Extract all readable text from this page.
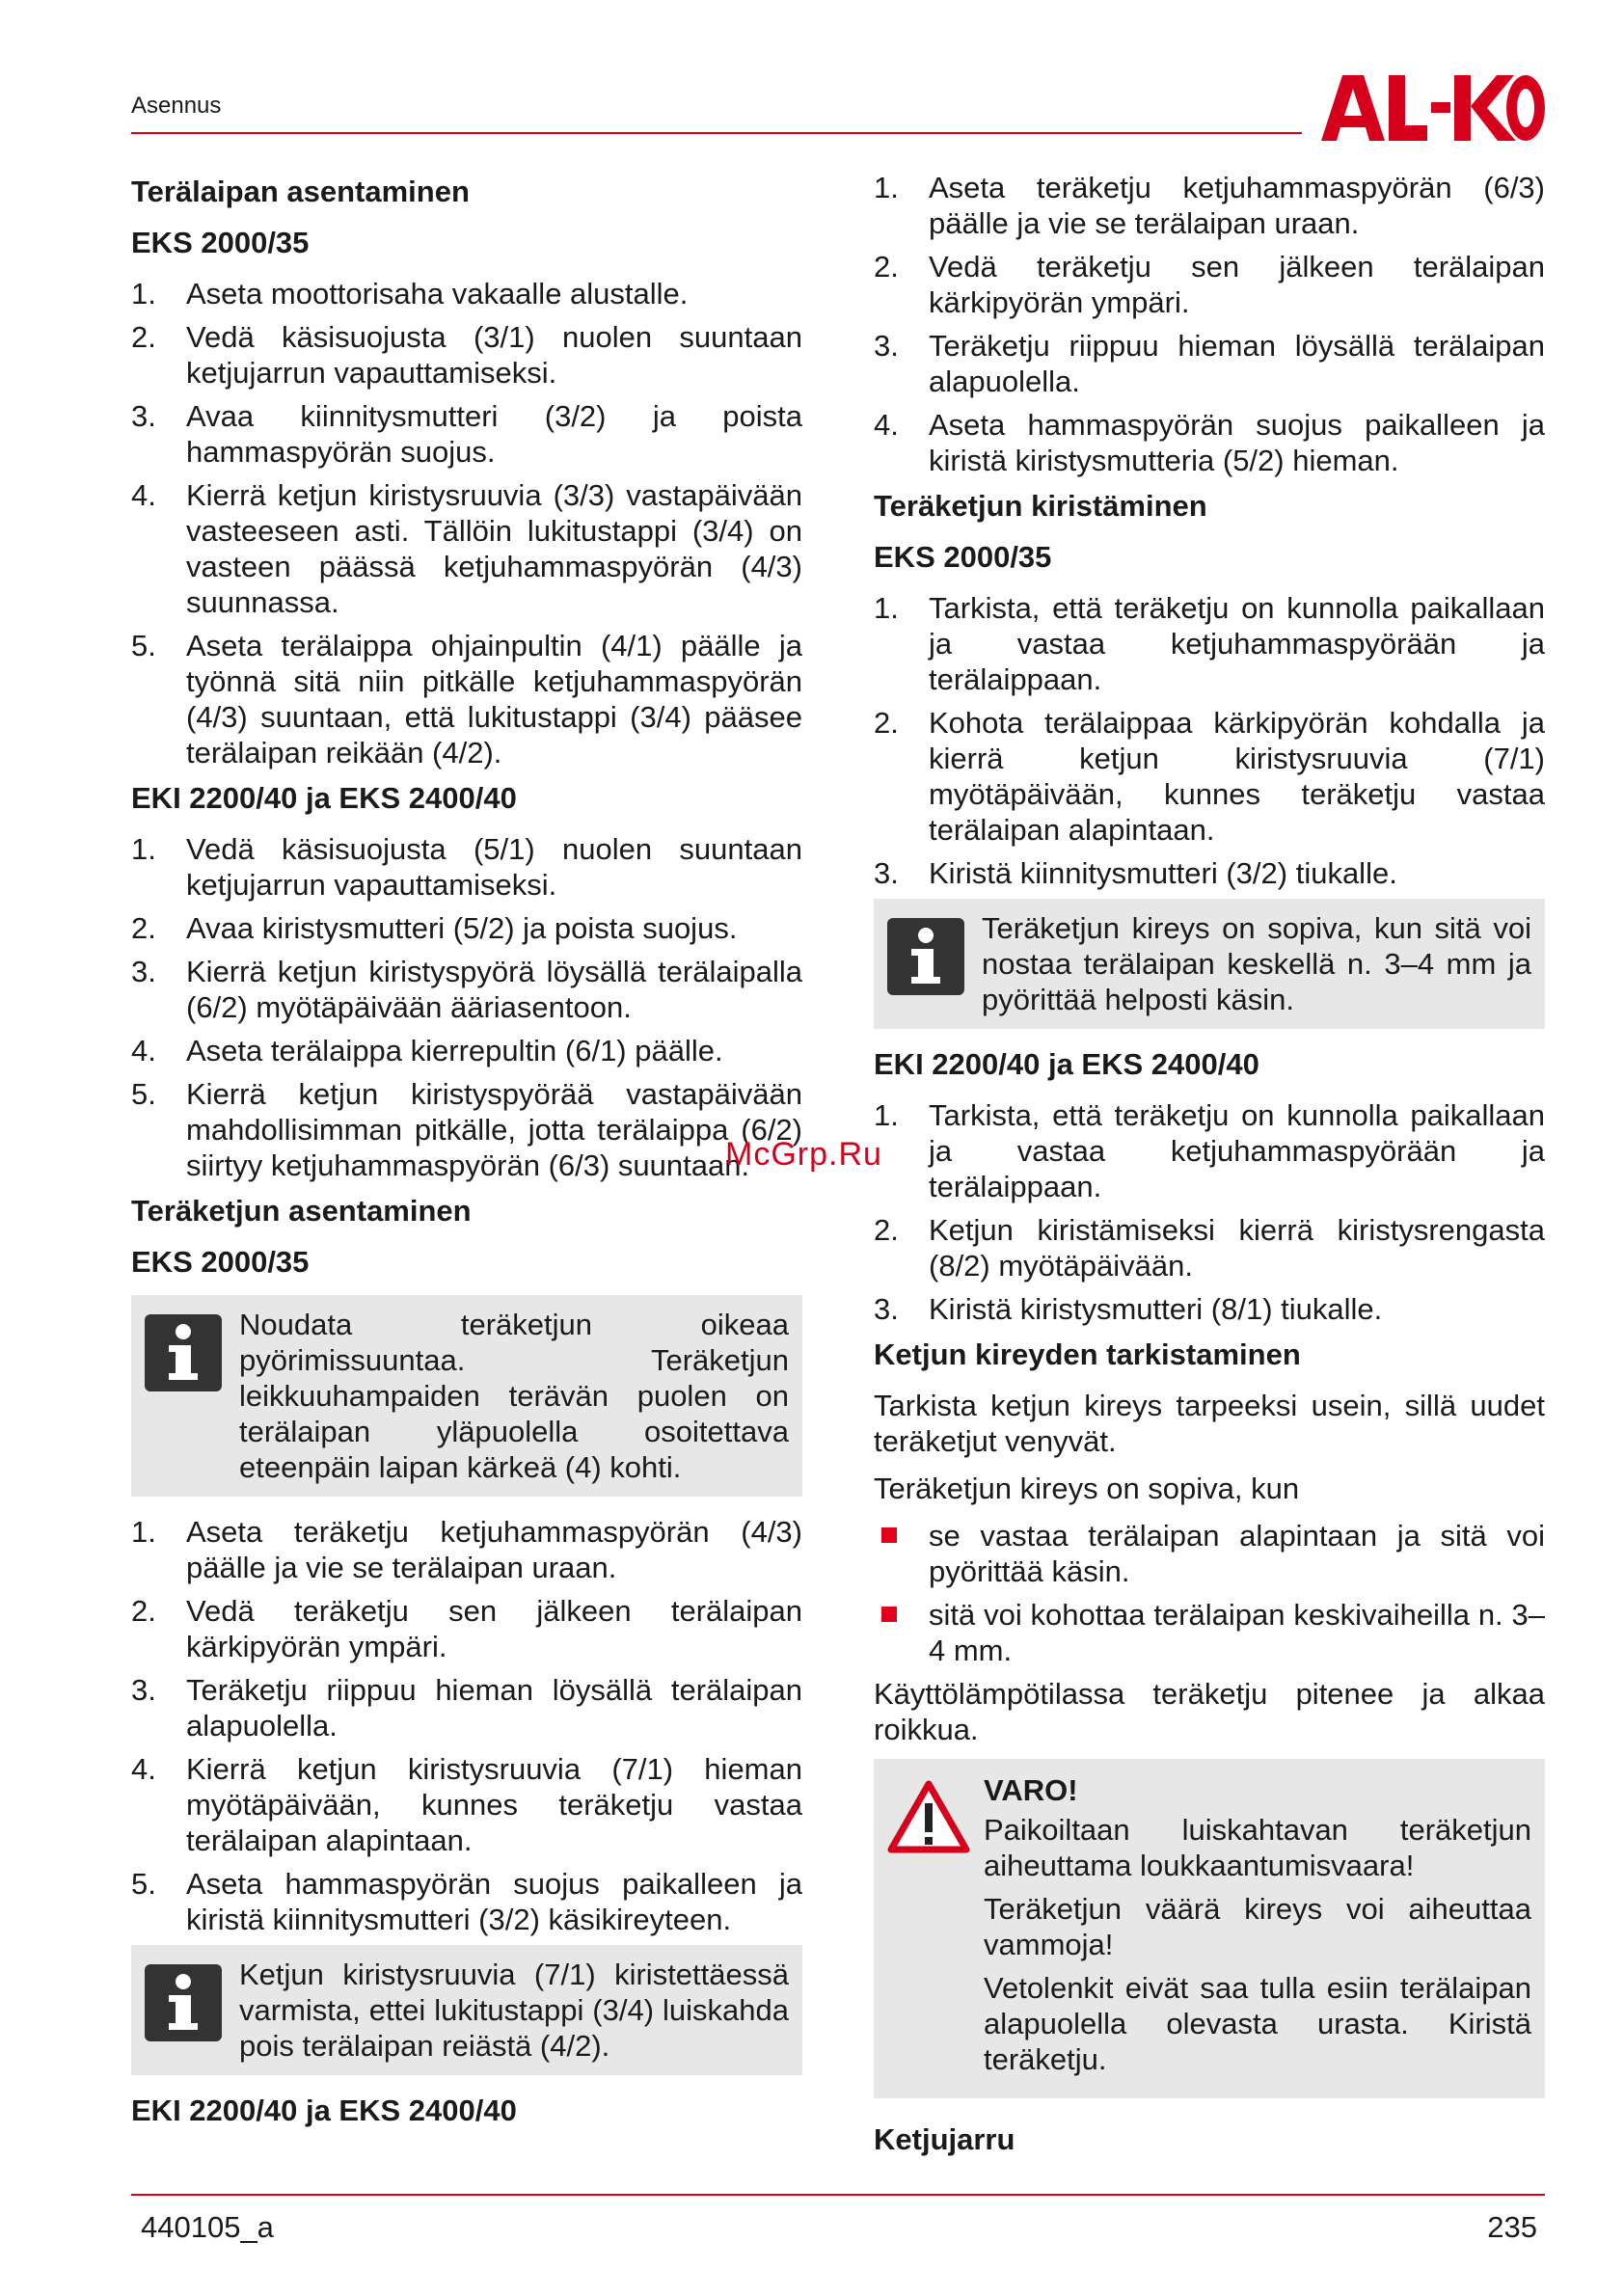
Asennus
Terälaipan asentaminen
EKS 2000/35
1.	Aseta moottorisaha vakaalle alustalle.
2.	Vedä käsisuojusta (3/1) nuolen suuntaan ketjujarrun vapauttamiseksi.
3.	Avaa kiinnitysmutteri (3/2) ja poista hammaspyörän suojus.
4.	Kierrä ketjun kiristysruuvia (3/3) vastapäivään vasteeseen asti. Tällöin lukitustappi (3/4) on vasteen päässä ketjuhammaspyörän (4/3) suunnassa.
5.	Aseta terälaippa ohjainpultin (4/1) päälle ja työnnä sitä niin pitkälle ketjuhammaspyörän (4/3) suuntaan, että lukitustappi (3/4) pääsee terälaipan reikään (4/2).
EKI 2200/40 ja EKS 2400/40
1.	Vedä käsisuojusta (5/1) nuolen suuntaan ketjujarrun vapauttamiseksi.
2.	Avaa kiristysmutteri (5/2) ja poista suojus.
3.	Kierrä ketjun kiristyspyörä löysällä terälaipalla (6/2) myötäpäivään ääriasentoon.
4.	Aseta terälaippa kierrepultin (6/1) päälle.
5.	Kierrä ketjun kiristyspyörää vastapäivään mahdollisimman pitkälle, jotta terälaippa (6/2) siirtyy ketjuhammaspyörän (6/3) suuntaan.
Teräketjun asentaminen
EKS 2000/35
Noudata teräketjun oikeaa pyörimissuuntaa. Teräketjun leikkuuhampaiden terävän puolen on terälaipan yläpuolella osoitettava eteenpäin laipan kärkeä (4) kohti.
1.	Aseta teräketju ketjuhammaspyörän (4/3) päälle ja vie se terälaipan uraan.
2.	Vedä teräketju sen jälkeen terälaipan kärkipyörän ympäri.
3.	Teräketju riippuu hieman löysällä terälaipan alapuolella.
4.	Kierrä ketjun kiristysruuvia (7/1) hieman myötäpäivään, kunnes teräketju vastaa terälaipan alapintaan.
5.	Aseta hammaspyörän suojus paikalleen ja kiristä kiinnitysmutteri (3/2) käsikireyteen.
Ketjun kiristysruuvia (7/1) kiristettäessä varmista, ettei lukitustappi (3/4) luiskahda pois terälaipan reiästä (4/2).
EKI 2200/40 ja EKS 2400/40
1.	Aseta teräketju ketjuhammaspyörän (6/3) päälle ja vie se terälaipan uraan.
2.	Vedä teräketju sen jälkeen terälaipan kärkipyörän ympäri.
3.	Teräketju riippuu hieman löysällä terälaipan alapuolella.
4.	Aseta hammaspyörän suojus paikalleen ja kiristä kiristysmutteria (5/2) hieman.
Teräketjun kiristäminen
EKS 2000/35
1.	Tarkista, että teräketju on kunnolla paikallaan ja vastaa ketjuhammaspyörään ja terälaippaan.
2.	Kohota terälaippaa kärkipyörän kohdalla ja kierrä ketjun kiristysruuvia (7/1) myötäpäivään, kunnes teräketju vastaa terälaipan alapintaan.
3.	Kiristä kiinnitysmutteri (3/2) tiukalle.
Teräketjun kireys on sopiva, kun sitä voi nostaa terälaipan keskellä n. 3–4 mm ja pyörittää helposti käsin.
EKI 2200/40 ja EKS 2400/40
1.	Tarkista, että teräketju on kunnolla paikallaan ja vastaa ketjuhammaspyörään ja terälaippaan.
2.	Ketjun kiristämiseksi kierrä kiristysrengasta (8/2) myötäpäivään.
3.	Kiristä kiristysmutteri (8/1) tiukalle.
Ketjun kireyden tarkistaminen
Tarkista ketjun kireys tarpeeksi usein, sillä uudet teräketjut venyvät.
Teräketjun kireys on sopiva, kun
se vastaa terälaipan alapintaan ja sitä voi pyörittää käsin.
sitä voi kohottaa terälaipan keskivaiheilla n. 3–4 mm.
Käyttölämpötilassa teräketju pitenee ja alkaa roikkua.
VARO!
Paikoiltaan luiskahtavan teräketjun aiheuttama loukkaantumisvaara!
Teräketjun väärä kireys voi aiheuttaa vammoja!
Vetolenkit eivät saa tulla esiin terälaipan alapuolella olevasta urasta. Kiristä teräketju.
Ketjujarru
McGrp.Ru
440105_a	235
